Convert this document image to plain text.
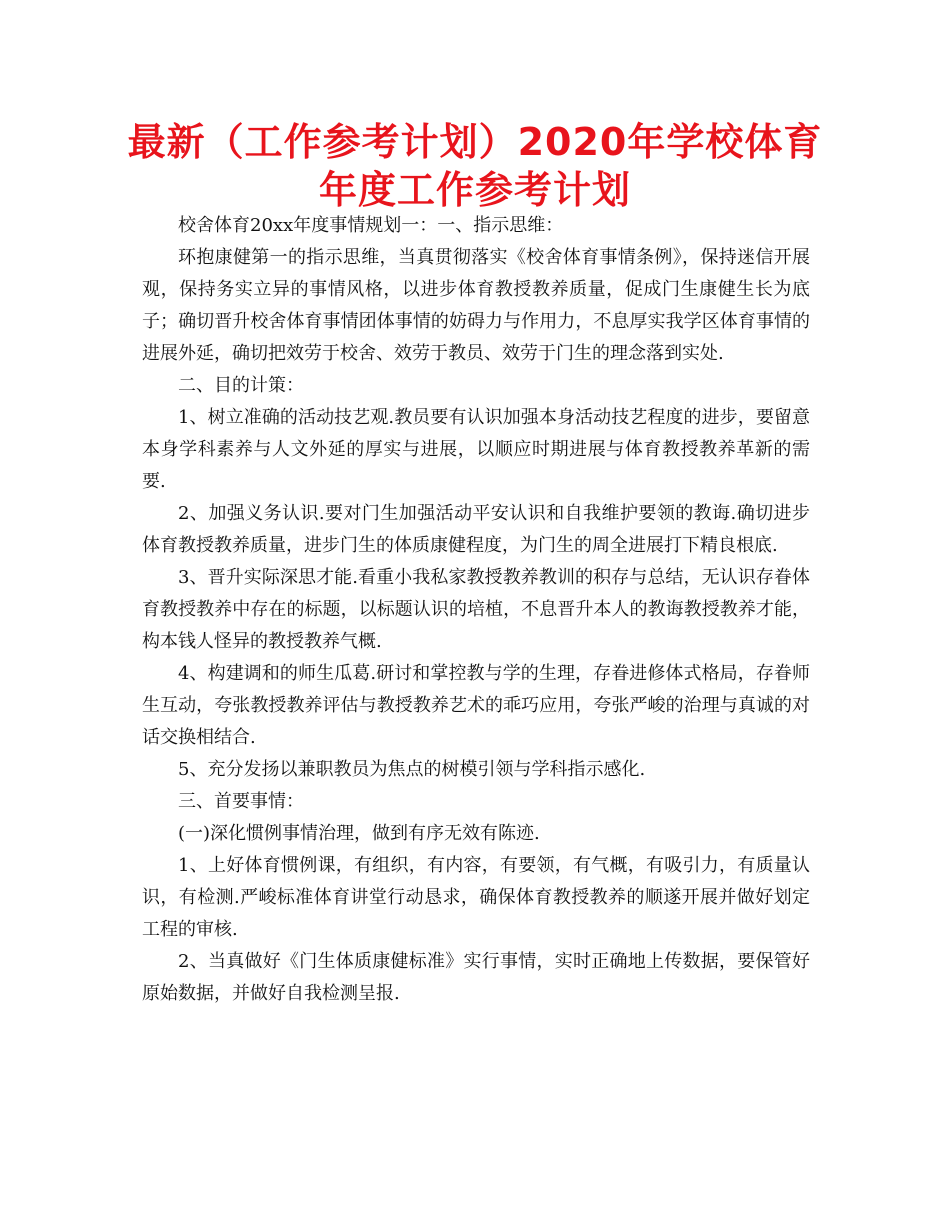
最新（工作参考计划）2020年学校体育年度工作参考计划

校舍体育20xx年度事情规划一：一、指示思维：

环抱康健第一的指示思维，当真贯彻落实《校舍体育事情条例》，保持迷信开展观，保持务实立异的事情风格，以进步体育教授教养质量，促成门生康健生长为底子；确切晋升校舍体育事情团体事情的妨碍力与作用力，不息厚实我学区体育事情的进展外延，确切把效劳于校舍、效劳于教员、效劳于门生的理念落到实处.

二、目的计策：

1、树立准确的活动技艺观.教员要有认识加强本身活动技艺程度的进步，要留意本身学科素养与人文外延的厚实与进展，以顺应时期进展与体育教授教养革新的需要.

2、加强义务认识.要对门生加强活动平安认识和自我维护要领的教诲.确切进步体育教授教养质量，进步门生的体质康健程度，为门生的周全进展打下精良根底.

3、晋升实际深思才能.看重小我私家教授教养教训的积存与总结，无认识存眷体育教授教养中存在的标题，以标题认识的培植，不息晋升本人的教诲教授教养才能，构本钱人怪异的教授教养气概.

4、构建调和的师生瓜葛.研讨和掌控教与学的生理，存眷进修体式格局，存眷师生互动，夸张教授教养评估与教授教养艺术的乖巧应用，夸张严峻的治理与真诚的对话交换相结合.

5、充分发扬以兼职教员为焦点的树模引领与学科指示感化.

三、首要事情：

(一)深化惯例事情治理，做到有序无效有陈迹.

1、上好体育惯例课，有组织，有内容，有要领，有气概，有吸引力，有质量认识，有检测.严峻标准体育讲堂行动恳求，确保体育教授教养的顺遂开展并做好划定工程的审核.

2、当真做好《门生体质康健标准》实行事情，实时正确地上传数据，要保管好原始数据，并做好自我检测呈报.
